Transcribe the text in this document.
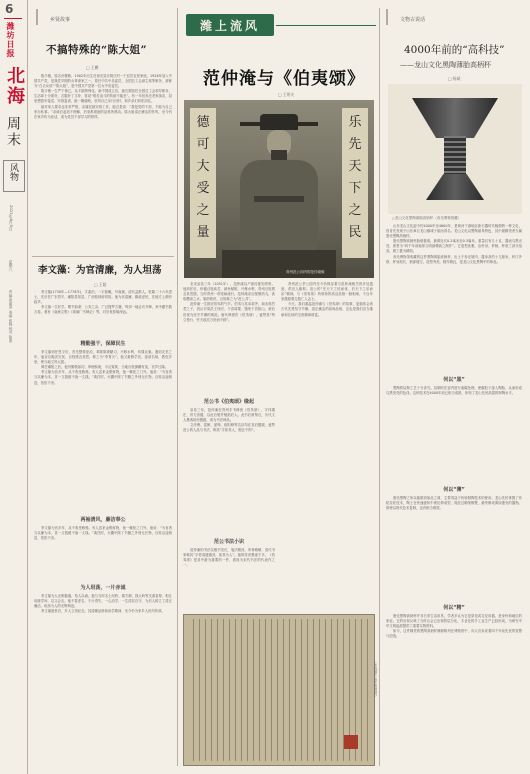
6
潍坊日报
北海
周末
风物
2021年6月5日
星期六
责编 黄丽萍 美编 张锦 校对 陈燕
乡贤故事
不搞特殊的“陈大姐”
□ 王鹏

陈少敏，原名孙肇修，1902年出生在寿光县沙窝庄村一个贫苦农民家庭。1928年加入中国共产党，是我党早期的女革命家之一，曾任中共中央委员、全国总工会副主席等职务，被称为“白衣女侠”“陈大姐”，是中国共产党第一位女中央委员。

陈少敏一生严于律己，从不搞特殊化。新中国成立后，她长期担任全国总工会领导职务，生活却十分简朴，衣服补了又补，常说“艰苦奋斗的传统不能丢”。有一年回寿光老家探亲，县里想派车接送、安排宴请，她一概谢绝，坚持自己步行回村，和乡亲们同吃同住。

她对家人要求也非常严格，亲属托她安排工作，她总是说：“我是党的干部，不能为自己家办私事。”亲戚们起初不理解，后来都被她的品格所感动。陈大姐清正廉洁的作风，至今仍在家乡传为佳话，成为党员干部学习的榜样。

李文藻：为官清廉，为人坦荡
□ 王超

李文藻(1730年—1778年)，字素伯，一字茝畹，号南涧，清代益都人，乾隆二十六年进士，先后任广东恩平、潮阳县知县，广西桂林府同知。他为官清廉，勤政爱民，在地方上颇有政声。

李文藻一生好学，嗜书如命，公务之余，广泛搜罗古籍，每到一地必访书肆，家中藏书数万卷，著有《南涧文集》《琉璃厂书肆记》等，对后世影响深远。

精勤强干，保障民生

李文藻到任恩平后，首先整顿吏治，革除陈规陋习，兴修水利，劝课农桑。遇到灾荒之年，他亲自赈济灾民，百姓感念其恩，称之为“李青天”。他又重修学宫，延请名师，教化乡里，使当地文风大振。

调任潮阳之后，他仍勤勉如初，审理积案，平反冤狱，当地百姓拥戴有加，官声日隆。

李文藻为官多年，从不收受贿赂。有人送来金银财物，他一概拒之门外。他说：“为官者当以廉为本，贪一文钱便不值一文钱。”离任时，行囊中除了书籍之外别无长物，百姓沿途相送，依依不舍。

两袖清风，廉洁奉公

李文藻为官多年，从不收受贿赂。有人送来金银财物，他一概拒之门外。他说：“为官者当以廉为本，贪一文钱便不值一文钱。”离任时，行囊中除了书籍之外别无长物，百姓沿途相送，依依不舍。

为人坦荡，一片赤诚

李文藻为人光明磊落，待人以诚。他与当时名士纪昀、翁方纲、钱大昕等交游甚厚，相互切磋学问，以文会友。他不慕虚名，不计得失，一心治学，一生清贫自守，为后人树立了清正廉洁、坦荡为人的光辉典范。

李文藻逝世后，乡人立祠纪念。其清廉品格和治学精神，至今仍为家乡人民所传颂。

潍上流风
范仲淹与《伯夷颂》
□ 王明夫
德
可
大
受
之
量
乐
先
天
下
之
民
青州范公祠内的范仲淹像

北宋皇祐三年（1051年），范仲淹以户部侍郎知青州。他到任后，体恤百姓疾苦，减免赋税，兴修水利，青州百姓感念其恩德。当时青州一带疫病流行，范仲淹亲自配制药丸，汲取醴泉之水，施药救民，百姓称之为“范公井”。

范仲淹一生推崇伯夷的气节。伯夷与其弟叔齐，商末孤竹君之子，因反对周武王伐纣，不食周粟，饿死于首阳山，被后世视为坚守节操的典范。唐代韩愈作《伯夷颂》，盛赞其“特立独行，穷天地亘万世而不顾”。

范公书《伯夷颂》缘起

皇祐三年，范仲淹在青州手书韩愈《伯夷颂》，字体端庄，骨力劲健，以此自勉并勉励后人。此书后被刻石，历代文人墨客纷纷题跋，成为书法珍品。

文彦博、富弼、晏殊、欧阳修等名臣均在其后题跋，盛赞范公的人品与书法，称其“字如其人，刚正不阿”。

范公书法小识

范仲淹的书法以楷书见长，笔法精劲，风骨峻峭，清代书家称其“字势清瘦遒劲，如其为人”。他的传世墨迹不多，《伯夷颂》是其中最为重要的一件，被视为宋代书法的代表作之一。

青州范公亭公园内至今仍保存着与范仲淹相关的多处遗迹，供后人瞻仰。范公的“先天下之忧而忧，后天下之乐而乐”精神，与《伯夷颂》所颂扬的高洁品格一脉相承，千百年来激励着无数仁人志士。

今天，我们重温范仲淹与《伯夷颂》的故事，更能体会到古代先贤坚守节操、清正廉洁的高尚品格，这也是我们应当继承和弘扬的宝贵精神财富。

（本版图片由作者提供）
文物古说话
4000年前的“高科技”
——龙山文化黑陶薄胎高柄杯
□ 杨斌
△龙山文化黑陶薄胎高柄杯（寿光博物馆藏）

山东龙山文化距今约4000年至4600年，是黄河下游地区新石器时代晚期的一种文化，因首先发现于山东章丘龙山镇城子崖而得名。龙山文化以黑陶最具特色，其中最精美者当属蛋壳黑陶高柄杯。

蛋壳黑陶高柄杯胎壁极薄，最薄处仅0.2毫米至0.3毫米，重量仅有几十克，器表乌黑光亮，被誉为“四千年前地球文明最精致之制作”。它造型优雅，由杯身、杯柄、杯座三部分组成，做工极为精细。

寿光博物馆收藏的这件黑陶薄胎高柄杯，出土于寿光境内，器身高约十几厘米，杯口外侈，杯身细长，柄部镂空，造型秀美，制作精良，是龙山文化黑陶中的珍品。

何以“黑”

黑陶的烧制工艺十分讲究。烧制时在窑内进行渗碳处理，使碳粒子渗入陶胎，从而形成乌黑发亮的色泽。这种技术在4000年前已相当成熟，体现了龙山先民高超的制陶水平。

何以“薄”

蛋壳黑陶之所以能做到如此之薄，主要得益于快轮制陶技术的使用。龙山先民掌握了快轮拉坯技术，陶土在快速旋转中被拉伸成型，再经过精细修整，最终制成薄如蛋壳的器物。即使以现代技术复制，也有相当难度。

何以“精”

蛋壳黑陶高柄杯并非日常生活用具，学者多认为它是祭祀或礼仪用器，是身份和地位的象征。它的出现反映了当时社会已出现阶层分化，专业化的手工业生产已经形成，为研究中华文明起源提供了重要实物资料。

如今，这件精美的黑陶高柄杯静静陈列在博物馆中，向人们诉说着四千年前先民的智慧与创造。
